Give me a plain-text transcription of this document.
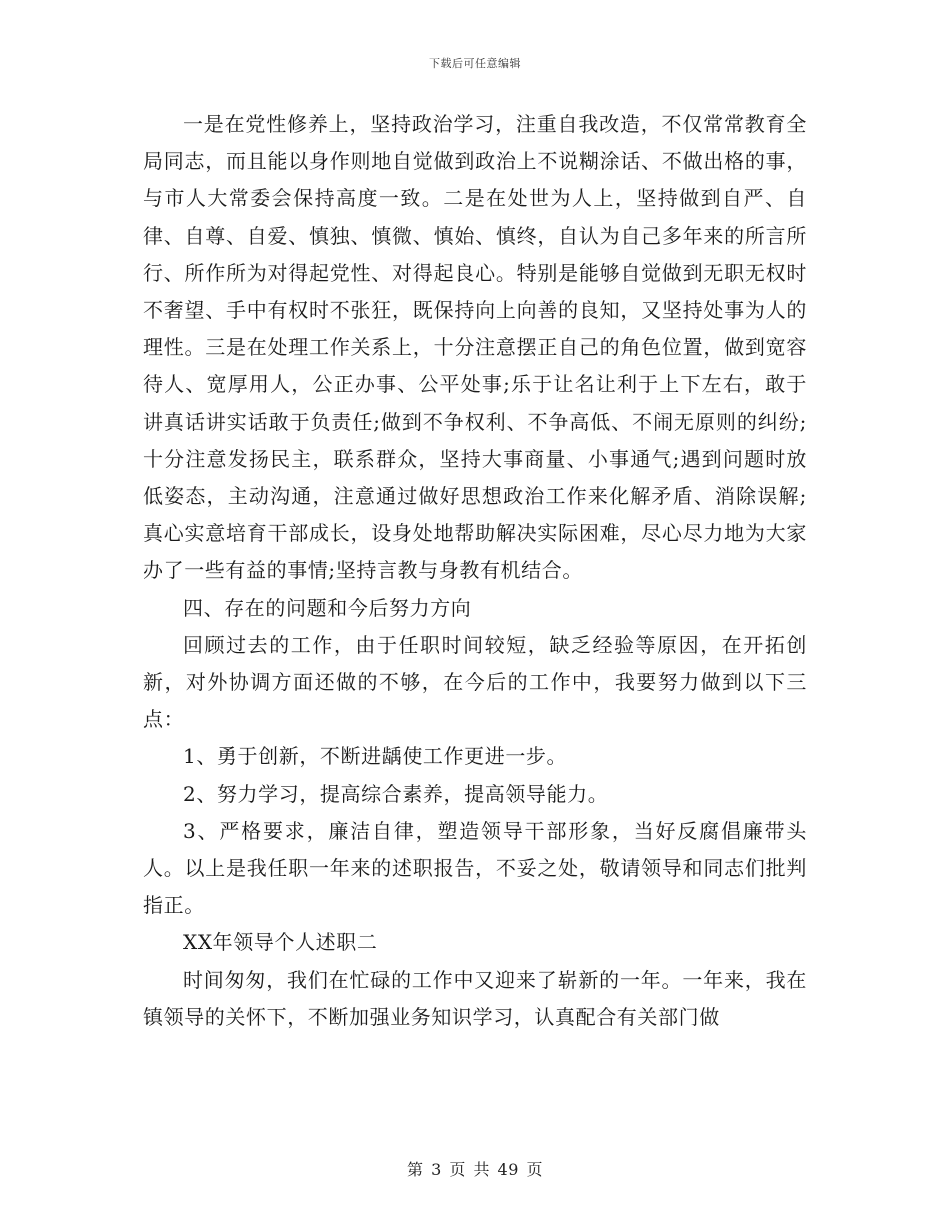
下载后可任意编辑

一是在党性修养上，坚持政治学习，注重自我改造，不仅常常教育全局同志，而且能以身作则地自觉做到政治上不说糊涂话、不做出格的事，与市人大常委会保持高度一致。二是在处世为人上，坚持做到自严、自律、自尊、自爱、慎独、慎微、慎始、慎终，自认为自己多年来的所言所行、所作所为对得起党性、对得起良心。特别是能够自觉做到无职无权时不奢望、手中有权时不张狂，既保持向上向善的良知，又坚持处事为人的理性。三是在处理工作关系上，十分注意摆正自己的角色位置，做到宽容待人、宽厚用人，公正办事、公平处事;乐于让名让利于上下左右，敢于讲真话讲实话敢于负责任;做到不争权利、不争高低、不闹无原则的纠纷;十分注意发扬民主，联系群众，坚持大事商量、小事通气;遇到问题时放低姿态，主动沟通，注意通过做好思想政治工作来化解矛盾、消除误解;真心实意培育干部成长，设身处地帮助解决实际困难，尽心尽力地为大家办了一些有益的事情;坚持言教与身教有机结合。

四、存在的问题和今后努力方向

回顾过去的工作，由于任职时间较短，缺乏经验等原因，在开拓创新，对外协调方面还做的不够，在今后的工作中，我要努力做到以下三点：

1、勇于创新，不断进龋使工作更进一步。

2、努力学习，提高综合素养，提高领导能力。

3、严格要求，廉洁自律，塑造领导干部形象，当好反腐倡廉带头人。以上是我任职一年来的述职报告，不妥之处，敬请领导和同志们批判指正。

XX年领导个人述职二

时间匆匆，我们在忙碌的工作中又迎来了崭新的一年。一年来，我在镇领导的关怀下，不断加强业务知识学习，认真配合有关部门做

第 3 页 共 49 页
